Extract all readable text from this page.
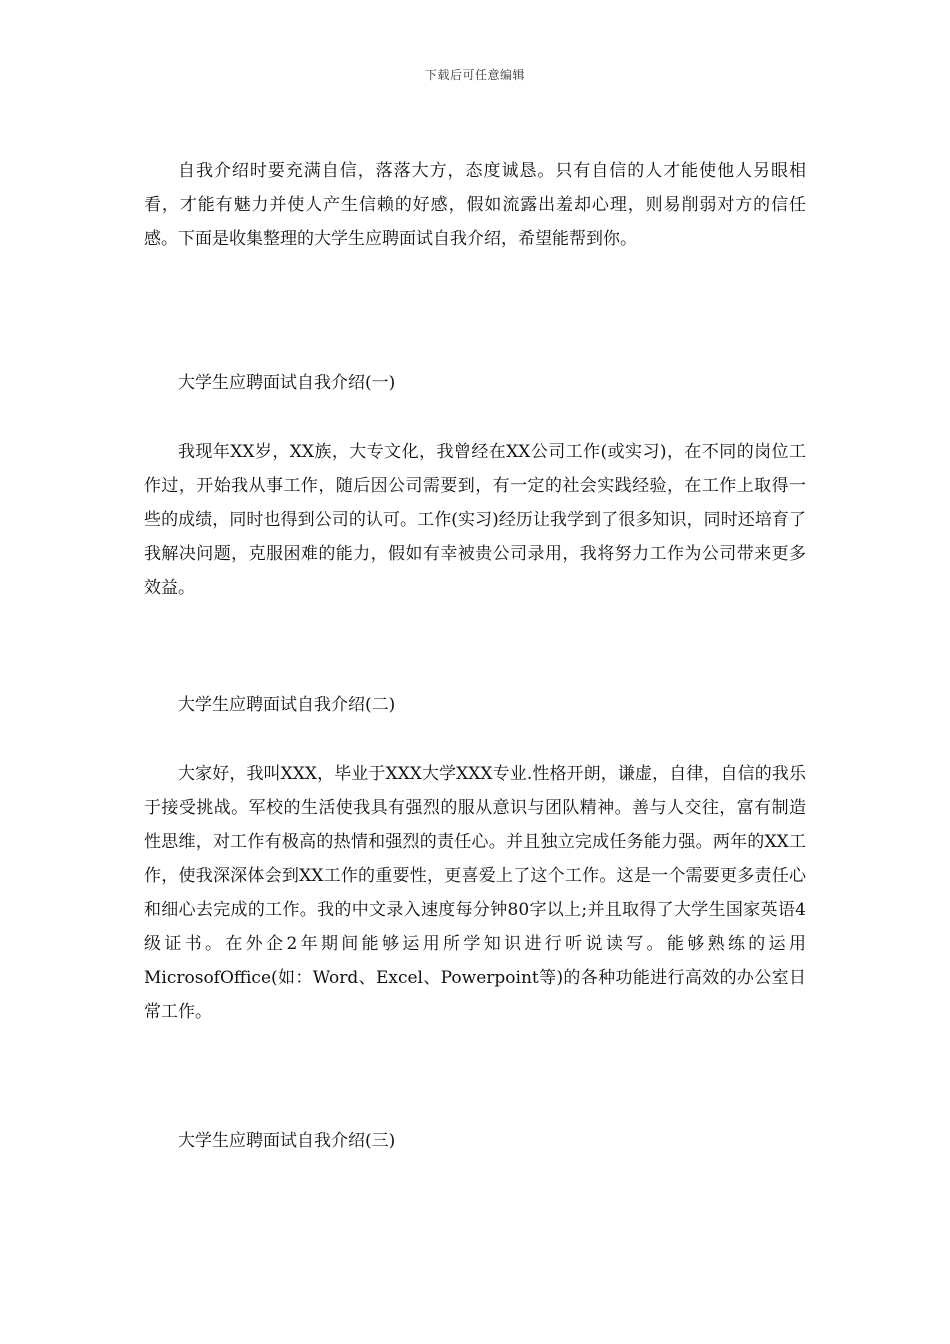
下载后可任意编辑

自我介绍时要充满自信，落落大方，态度诚恳。只有自信的人才能使他人另眼相看，才能有魅力并使人产生信赖的好感，假如流露出羞却心理，则易削弱对方的信任感。下面是收集整理的大学生应聘面试自我介绍，希望能帮到你。

大学生应聘面试自我介绍(一)

我现年XX岁，XX族，大专文化，我曾经在XX公司工作(或实习)，在不同的岗位工作过，开始我从事工作，随后因公司需要到，有一定的社会实践经验，在工作上取得一些的成绩，同时也得到公司的认可。工作(实习)经历让我学到了很多知识，同时还培育了我解决问题，克服困难的能力，假如有幸被贵公司录用，我将努力工作为公司带来更多效益。

大学生应聘面试自我介绍(二)

大家好，我叫XXX，毕业于XXX大学XXX专业.性格开朗，谦虚，自律，自信的我乐于接受挑战。军校的生活使我具有强烈的服从意识与团队精神。善与人交往，富有制造性思维，对工作有极高的热情和强烈的责任心。并且独立完成任务能力强。两年的XX工作，使我深深体会到XX工作的重要性，更喜爱上了这个工作。这是一个需要更多责任心和细心去完成的工作。我的中文录入速度每分钟80字以上;并且取得了大学生国家英语4级证书。在外企2年期间能够运用所学知识进行听说读写。能够熟练的运用MicrosofOffice(如：Word、Excel、Powerpoint等)的各种功能进行高效的办公室日常工作。

大学生应聘面试自我介绍(三)
